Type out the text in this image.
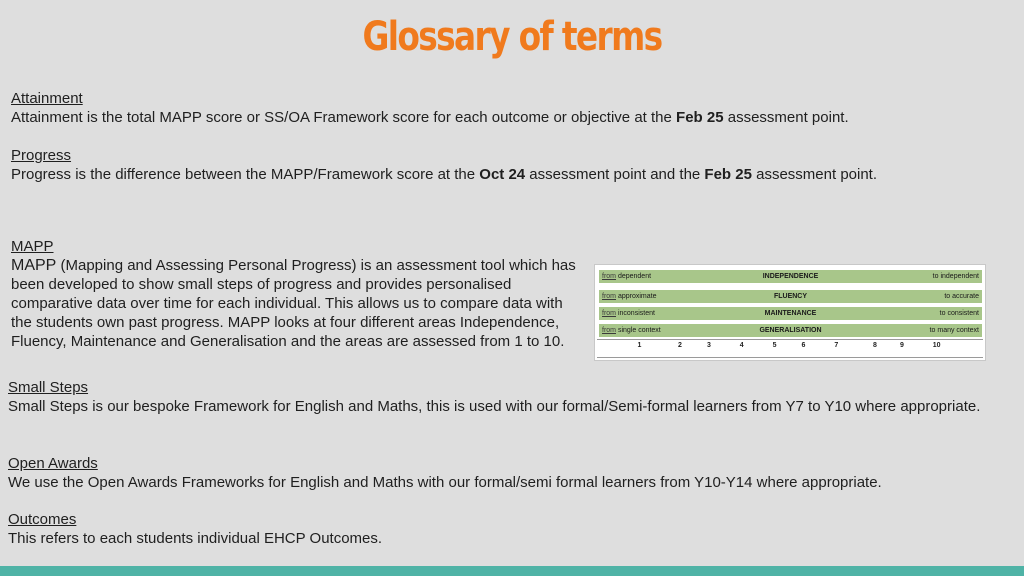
Glossary of terms
Attainment
Attainment is the total MAPP score or SS/OA Framework score for each outcome or objective at the Feb 25 assessment point.
Progress
Progress is the difference between the MAPP/Framework score at the Oct 24 assessment point and the Feb 25 assessment point.
MAPP
MAPP (Mapping and Assessing Personal Progress) is an assessment tool which has been developed to show small steps of progress and provides personalised comparative data over time for each individual. This allows us to compare data with the students own past progress. MAPP looks at four different areas Independence, Fluency, Maintenance and Generalisation and the areas are assessed from 1 to 10.
from dependent	INDEPENDENCE	to independent
from approximate	FLUENCY	to accurate
from inconsistent	MAINTENANCE	to consistent
from single context	GENERALISATION	to many context
1	2	3	4	5	6	7	8	9	10
Small Steps
Small Steps is our bespoke Framework for English and Maths, this is used with our formal/Semi-formal learners from Y7 to Y10 where appropriate.
Open Awards
We use the Open Awards Frameworks for English and Maths with our formal/semi formal learners from Y10-Y14 where appropriate.
Outcomes
This refers to each students individual EHCP Outcomes.
